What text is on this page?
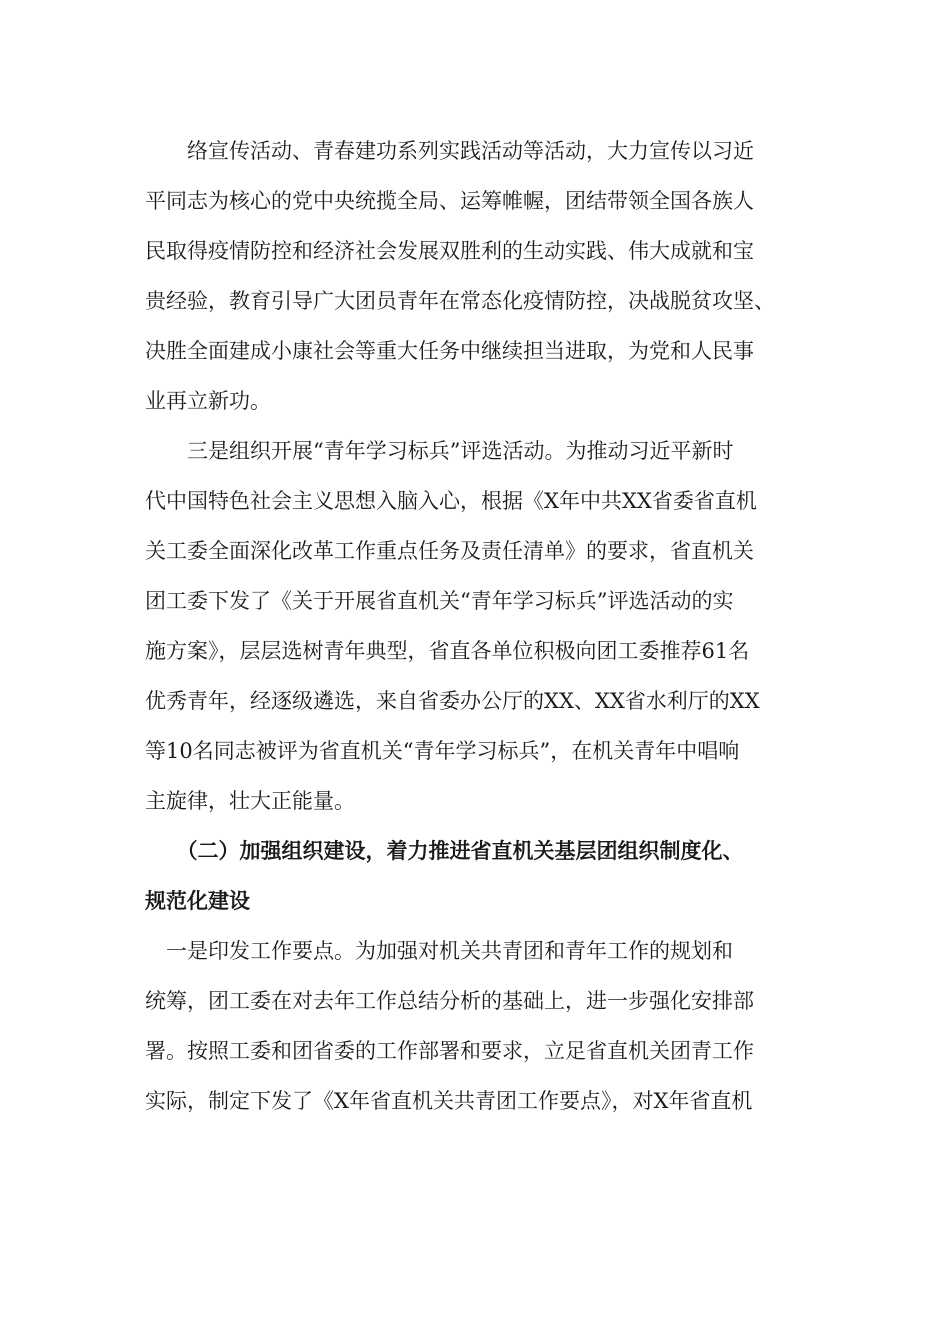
　　络宣传活动、青春建功系列实践活动等活动，大力宣传以习近
平同志为核心的党中央统揽全局、运筹帷幄，团结带领全国各族人
民取得疫情防控和经济社会发展双胜利的生动实践、伟大成就和宝
贵经验，教育引导广大团员青年在常态化疫情防控，决战脱贫攻坚、
决胜全面建成小康社会等重大任务中继续担当进取，为党和人民事
业再立新功。
　　三是组织开展“青年学习标兵”评选活动。为推动习近平新时
代中国特色社会主义思想入脑入心，根据《X年中共XX省委省直机
关工委全面深化改革工作重点任务及责任清单》的要求，省直机关
团工委下发了《关于开展省直机关“青年学习标兵”评选活动的实
施方案》，层层选树青年典型，省直各单位积极向团工委推荐61名
优秀青年，经逐级遴选，来自省委办公厅的XX、XX省水利厅的XX
等10名同志被评为省直机关“青年学习标兵”，在机关青年中唱响
主旋律，壮大正能量。
　　（二）加强组织建设，着力推进省直机关基层团组织制度化、
规范化建设
　一是印发工作要点。为加强对机关共青团和青年工作的规划和
统筹，团工委在对去年工作总结分析的基础上，进一步强化安排部
署。按照工委和团省委的工作部署和要求，立足省直机关团青工作
实际，制定下发了《X年省直机关共青团工作要点》，对X年省直机
